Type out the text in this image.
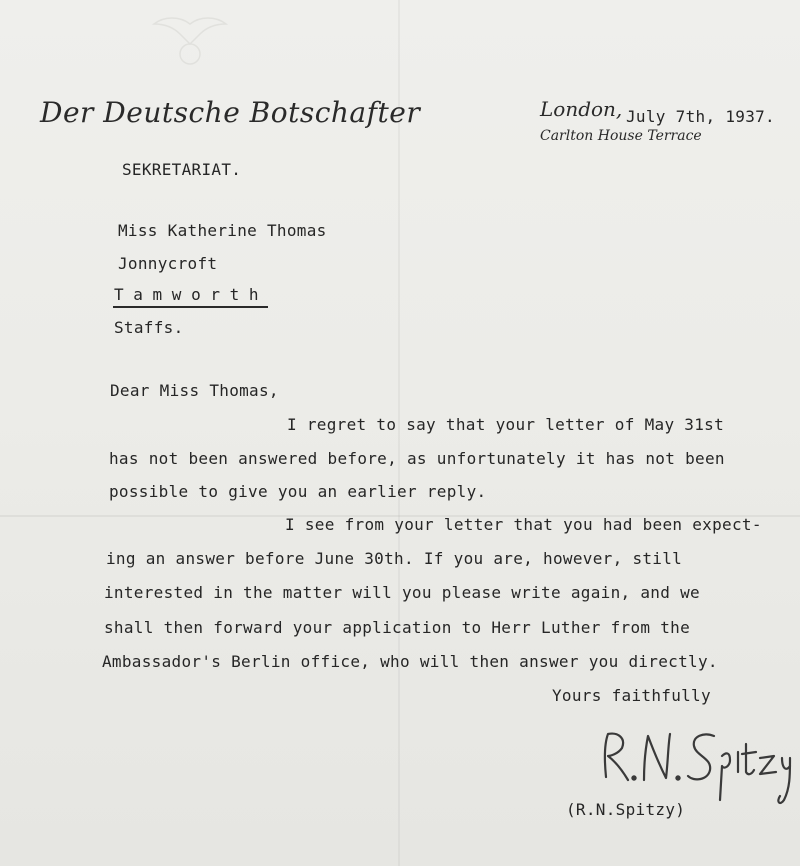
Der Deutsche Botschafter	London, July 7th, 1937.
Carlton House Terrace
SEKRETARIAT.
Miss Katherine Thomas
Jonnycroft
T a m w o r t h
Staffs.
Dear Miss Thomas,
I regret to say that your letter of May 31st
has not been answered before, as unfortunately it has not been
possible to give you an earlier reply.
I see from your letter that you had been expect-
ing an answer before June 30th. If you are, however, still
interested in the matter will you please write again, and we
shall then forward your application to Herr Luther from the
Ambassador's Berlin office, who will then answer you directly.
Yours faithfully
(R.N.Spitzy)
